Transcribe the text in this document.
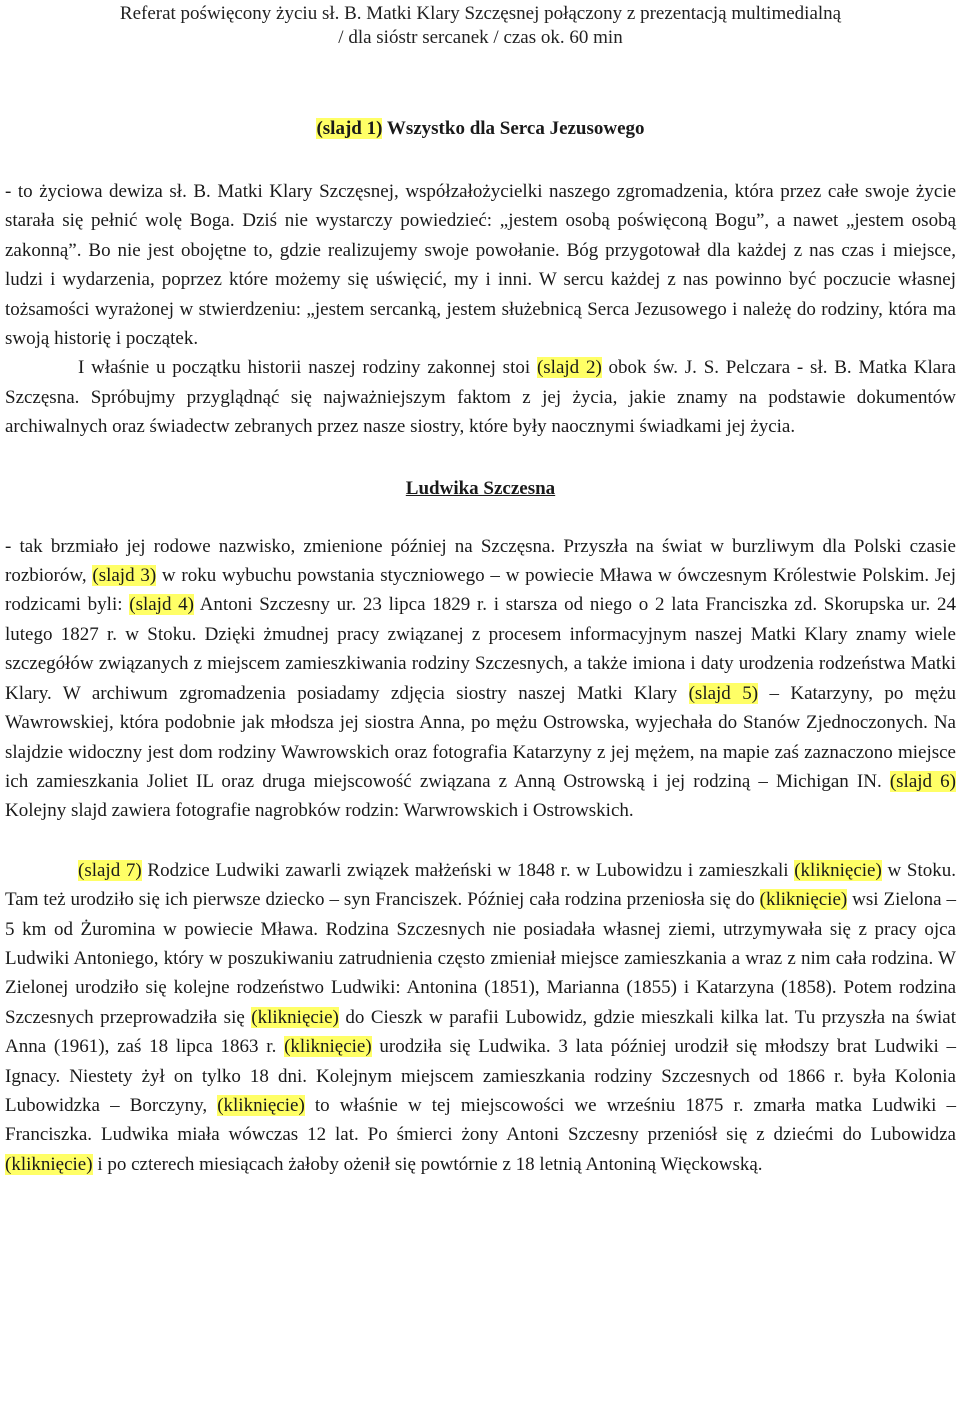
Referat poświęcony życiu sł. B. Matki Klary Szczęsnej połączony z prezentacją multimedialną
/ dla sióstr sercanek / czas ok. 60 min
(slajd 1) Wszystko dla Serca Jezusowego

- to życiowa dewiza sł. B. Matki Klary Szczęsnej, współzałożycielki naszego zgromadzenia, która przez całe swoje życie starała się pełnić wolę Boga. Dziś nie wystarczy powiedzieć: „jestem osobą poświęconą Bogu”, a nawet „jestem osobą zakonną”. Bo nie jest obojętne to, gdzie realizujemy swoje powołanie. Bóg przygotował dla każdej z nas czas i miejsce, ludzi i wydarzenia, poprzez które możemy się uświęcić, my i inni. W sercu każdej z nas powinno być poczucie własnej tożsamości wyrażonej w stwierdzeniu: „jestem sercanką, jestem służebnicą Serca Jezusowego i należę do rodziny, która ma swoją historię i początek.

I właśnie u początku historii naszej rodziny zakonnej stoi (slajd 2) obok św. J. S. Pelczara - sł. B. Matka Klara Szczęsna. Spróbujmy przyglądnąć się najważniejszym faktom z jej życia, jakie znamy na podstawie dokumentów archiwalnych oraz świadectw zebranych przez nasze siostry, które były naocznymi świadkami jej życia.

Ludwika Szczesna

- tak brzmiało jej rodowe nazwisko, zmienione później na Szczęsna. Przyszła na świat w burzliwym dla Polski czasie rozbiorów, (slajd 3) w roku wybuchu powstania styczniowego – w powiecie Mława w ówczesnym Królestwie Polskim. Jej rodzicami byli: (slajd 4) Antoni Szczesny ur. 23 lipca 1829 r. i starsza od niego o 2 lata Franciszka zd. Skorupska ur. 24 lutego 1827 r. w Stoku. Dzięki żmudnej pracy związanej z procesem informacyjnym naszej Matki Klary znamy wiele szczegółów związanych z miejscem zamieszkiwania rodziny Szczesnych, a także imiona i daty urodzenia rodzeństwa Matki Klary. W archiwum zgromadzenia posiadamy zdjęcia siostry naszej Matki Klary (slajd 5) – Katarzyny, po mężu Wawrowskiej, która podobnie jak młodsza jej siostra Anna, po mężu Ostrowska, wyjechała do Stanów Zjednoczonych. Na slajdzie widoczny jest dom rodziny Wawrowskich oraz fotografia Katarzyny z jej mężem, na mapie zaś zaznaczono miejsce ich zamieszkania Joliet IL oraz druga miejscowość związana z Anną Ostrowską i jej rodziną – Michigan IN. (slajd 6) Kolejny slajd zawiera fotografie nagrobków rodzin: Warwrowskich i Ostrowskich.

(slajd 7) Rodzice Ludwiki zawarli związek małżeński w 1848 r. w Lubowidzu i zamieszkali (kliknięcie) w Stoku. Tam też urodziło się ich pierwsze dziecko – syn Franciszek. Później cała rodzina przeniosła się do (kliknięcie) wsi Zielona – 5 km od Żuromina w powiecie Mława. Rodzina Szczesnych nie posiadała własnej ziemi, utrzymywała się z pracy ojca Ludwiki Antoniego, który w poszukiwaniu zatrudnienia często zmieniał miejsce zamieszkania a wraz z nim cała rodzina. W Zielonej urodziło się kolejne rodzeństwo Ludwiki: Antonina (1851), Marianna (1855) i Katarzyna (1858). Potem rodzina Szczesnych przeprowadziła się (kliknięcie) do Cieszk w parafii Lubowidz, gdzie mieszkali kilka lat. Tu przyszła na świat Anna (1961), zaś 18 lipca 1863 r. (kliknięcie) urodziła się Ludwika. 3 lata później urodził się młodszy brat Ludwiki – Ignacy. Niestety żył on tylko 18 dni. Kolejnym miejscem zamieszkania rodziny Szczesnych od 1866 r. była Kolonia Lubowidzka – Borczyny, (kliknięcie) to właśnie w tej miejscowości we wrześniu 1875 r. zmarła matka Ludwiki – Franciszka. Ludwika miała wówczas 12 lat. Po śmierci żony Antoni Szczesny przeniósł się z dziećmi do Lubowidza (kliknięcie) i po czterech miesiącach żałoby ożenił się powtórnie z 18 letnią Antoniną Więckowską.
